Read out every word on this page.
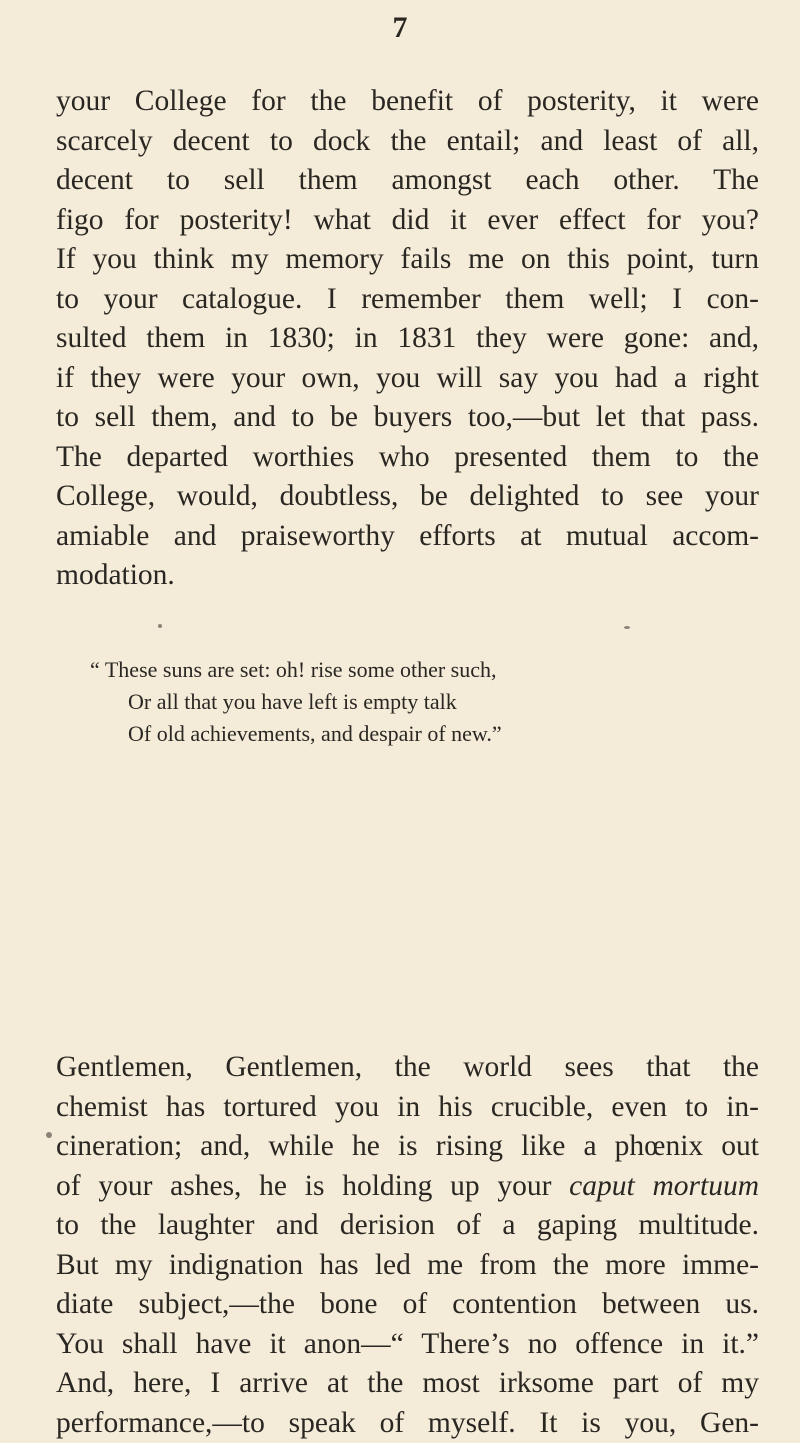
7
your College for the benefit of posterity, it were
scarcely decent to dock the entail; and least of all,
decent to sell them amongst each other. The
figo for posterity! what did it ever effect for you?
If you think my memory fails me on this point, turn
to your catalogue. I remember them well; I con-
sulted them in 1830; in 1831 they were gone: and,
if they were your own, you will say you had a right
to sell them, and to be buyers too,—but let that pass.
The departed worthies who presented them to the
College, would, doubtless, be delighted to see your
amiable and praiseworthy efforts at mutual accom-
modation.
“ These suns are set: oh! rise some other such,
Or all that you have left is empty talk
Of old achievements, and despair of new.”
Gentlemen, Gentlemen, the world sees that the
chemist has tortured you in his crucible, even to in-
cineration; and, while he is rising like a phœnix out
of your ashes, he is holding up your caput mortuum
to the laughter and derision of a gaping multitude.
But my indignation has led me from the more imme-
diate subject,—the bone of contention between us.
You shall have it anon—“ There’s no offence in it.”
And, here, I arrive at the most irksome part of my
performance,—to speak of myself. It is you, Gen-
